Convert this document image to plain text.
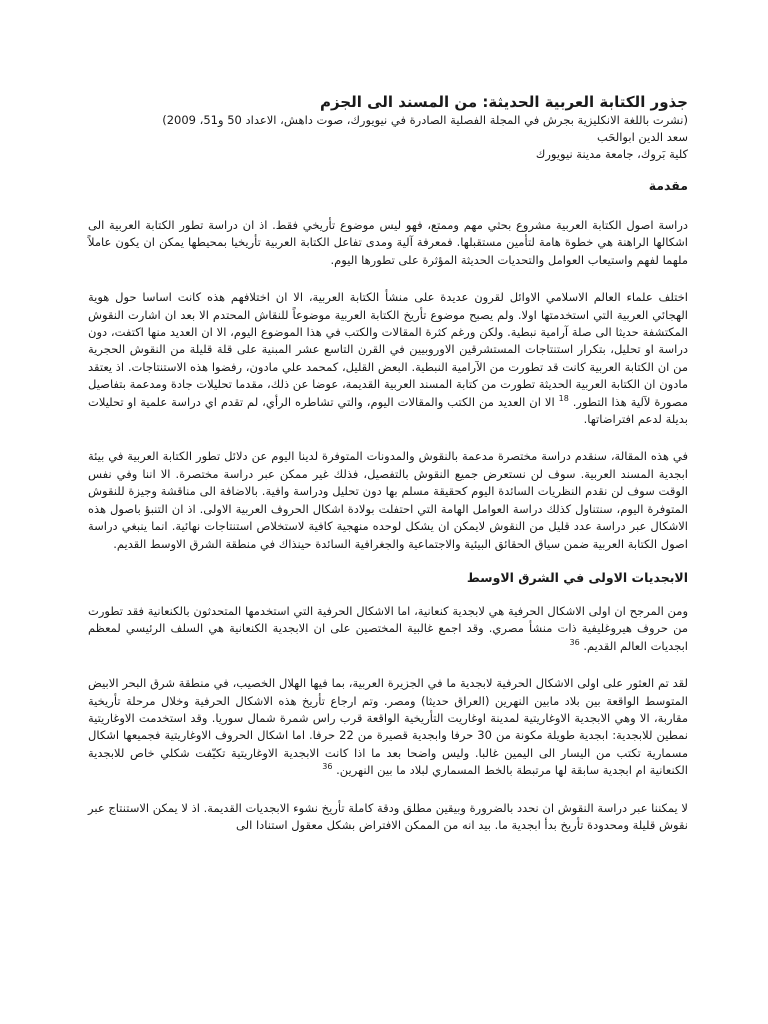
جذور الكتابة العربية الحديثة: من المسند الى الجزم

(نشرت باللغة الانكليزية بجرش في المجلة الفصلية الصادرة في نيويورك، صوت داهش، الاعداد 50 و51، 2009)

سعد الدين ابوالحَب

كلية بَروك، جامعة مدينة نيويورك

مقدمة

دراسة اصول الكتابة العربية مشروع بحثي مهم وممتع، فهو ليس موضوع تأريخي فقط. اذ ان دراسة تطور الكتابة العربية الى اشكالها الراهنة هي خطوة هامة لتأمين مستقبلها. فمعرفة آلية ومدى تفاعل الكتابة العربية تأريخيا بمحيطها يمكن ان يكون عاملاً ملهما لفهم واستيعاب العوامل والتحديات الحديثة المؤثرة على تطورها اليوم.

اختلف علماء العالم الاسلامي الاوائل لقرون عديدة على منشأ الكتابة العربية، الا ان اختلافهم هذه كانت اساسا حول هوية الهجائي العربية التي استخدمتها اولا. ولم يصبح موضوع تأريخ الكتابة العربية موضوعاً للنقاش المحتدم الا بعد ان اشارت النقوش المكتشفة حديثا الى صلة آرامية نبطية. ولكن ورغم كثرة المقالات والكتب في هذا الموضوع اليوم، الا ان العديد منها اكتفت، دون دراسة او تحليل، بتكرار استنتاجات المستشرقين الاوروبيين في القرن التاسع عشر المبنية على قلة قليلة من النقوش الحجرية من ان الكتابة العربية كانت قد تطورت من الآرامية النبطية. البعض القليل، كمحمد علي مادون، رفضوا هذه الاستنتاجات. اذ يعتقد مادون ان الكتابة العربية الحديثة تطورت من كتابة المسند العربية القديمة، عوضا عن ذلك، مقدما تحليلات جادة ومدعمة بتفاصيل مصورة لآلية هذا التطور. $^{18}$ الا ان العديد من الكتب والمقالات اليوم، والتي تشاطره الرأي، لم تقدم اي دراسة علمية او تحليلات بديلة لدعم افتراضاتها.

في هذه المقالة، سنقدم دراسة مختصرة مدعمة بالنقوش والمدونات المتوفرة لدينا اليوم عن دلائل تطور الكتابة العربية في بيئة ابجدية المسند العربية. سوف لن نستعرض جميع النقوش بالتفصيل، فذلك غير ممكن عبر دراسة مختصرة. الا اننا وفي نفس الوقت سوف لن نقدم النظريات السائدة اليوم كحقيقة مسلم بها دون تحليل ودراسة وافية. بالاضافة الى مناقشة وجيزة للنقوش المتوفرة اليوم، سنتناول كذلك دراسة العوامل الهامة التي احتفلت بولادة اشكال الحروف العربية الاولى. اذ ان التنبؤ باصول هذه الاشكال عبر دراسة عدد قليل من النقوش لايمكن ان يشكل لوحده منهجية كافية لاستخلاص استنتاجات نهائية. انما ينبغي دراسة اصول الكتابة العربية ضمن سياق الحقائق البيئية والاجتماعية والجغرافية السائدة حينذاك في منطقة الشرق الاوسط القديم.

الابجديات الاولى في الشرق الاوسط

ومن المرجح ان اولى الاشكال الحرفية هي لابجدية كنعانية، اما الاشكال الحرفية التي استخدمها المتحدثون بالكنعانية فقد تطورت من حروف هيروغليفية ذات منشأ مصري. وقد اجمع غالبية المختصين على ان الابجدية الكنعانية هي السلف الرئيسي لمعظم ابجديات العالم القديم. $^{36}$

لقد تم العثور على اولى الاشكال الحرفية لابجدية ما في الجزيرة العربية، بما فيها الهلال الخصيب، في منطقة شرق البحر الابيض المتوسط الواقعة بين بلاد مابين النهرين (العراق حديثا) ومصر. وتم ارجاع تأريخ هذه الاشكال الحرفية وخلال مرحلة تأريخية مقاربة، الا وهي الابجدية الاوغاريتية لمدينة اوغاريت التأريخية الواقعة قرب راس شمرة شمال سوريا. وقد استخدمت الاوغاريتية نمطين للابجدية: ابجدية طويلة مكونة من 30 حرفا وابجدية قصيرة من 22 حرفا. اما اشكال الحروف الاوغاريتية فجميعها اشكال مسمارية تكتب من اليسار الى اليمين غالبا. وليس واضحا بعد ما اذا كانت الابجدية الاوغاريتية تكيّفت شكلي خاص للابجدية الكنعانية ام ابجدية سابقة لها مرتبطة بالخط المسماري لبلاد ما بين النهرين. $^{36}$

لا يمكننا عبر دراسة النقوش ان نحدد بالضرورة وبيقين مطلق ودقة كاملة تأريخ نشوء الابجديات القديمة. اذ لا يمكن الاستنتاج عبر نقوش قليلة ومحدودة تأريخ بدأ ابجدية ما. بيد انه من الممكن الافتراض بشكل معقول استنادا الى
